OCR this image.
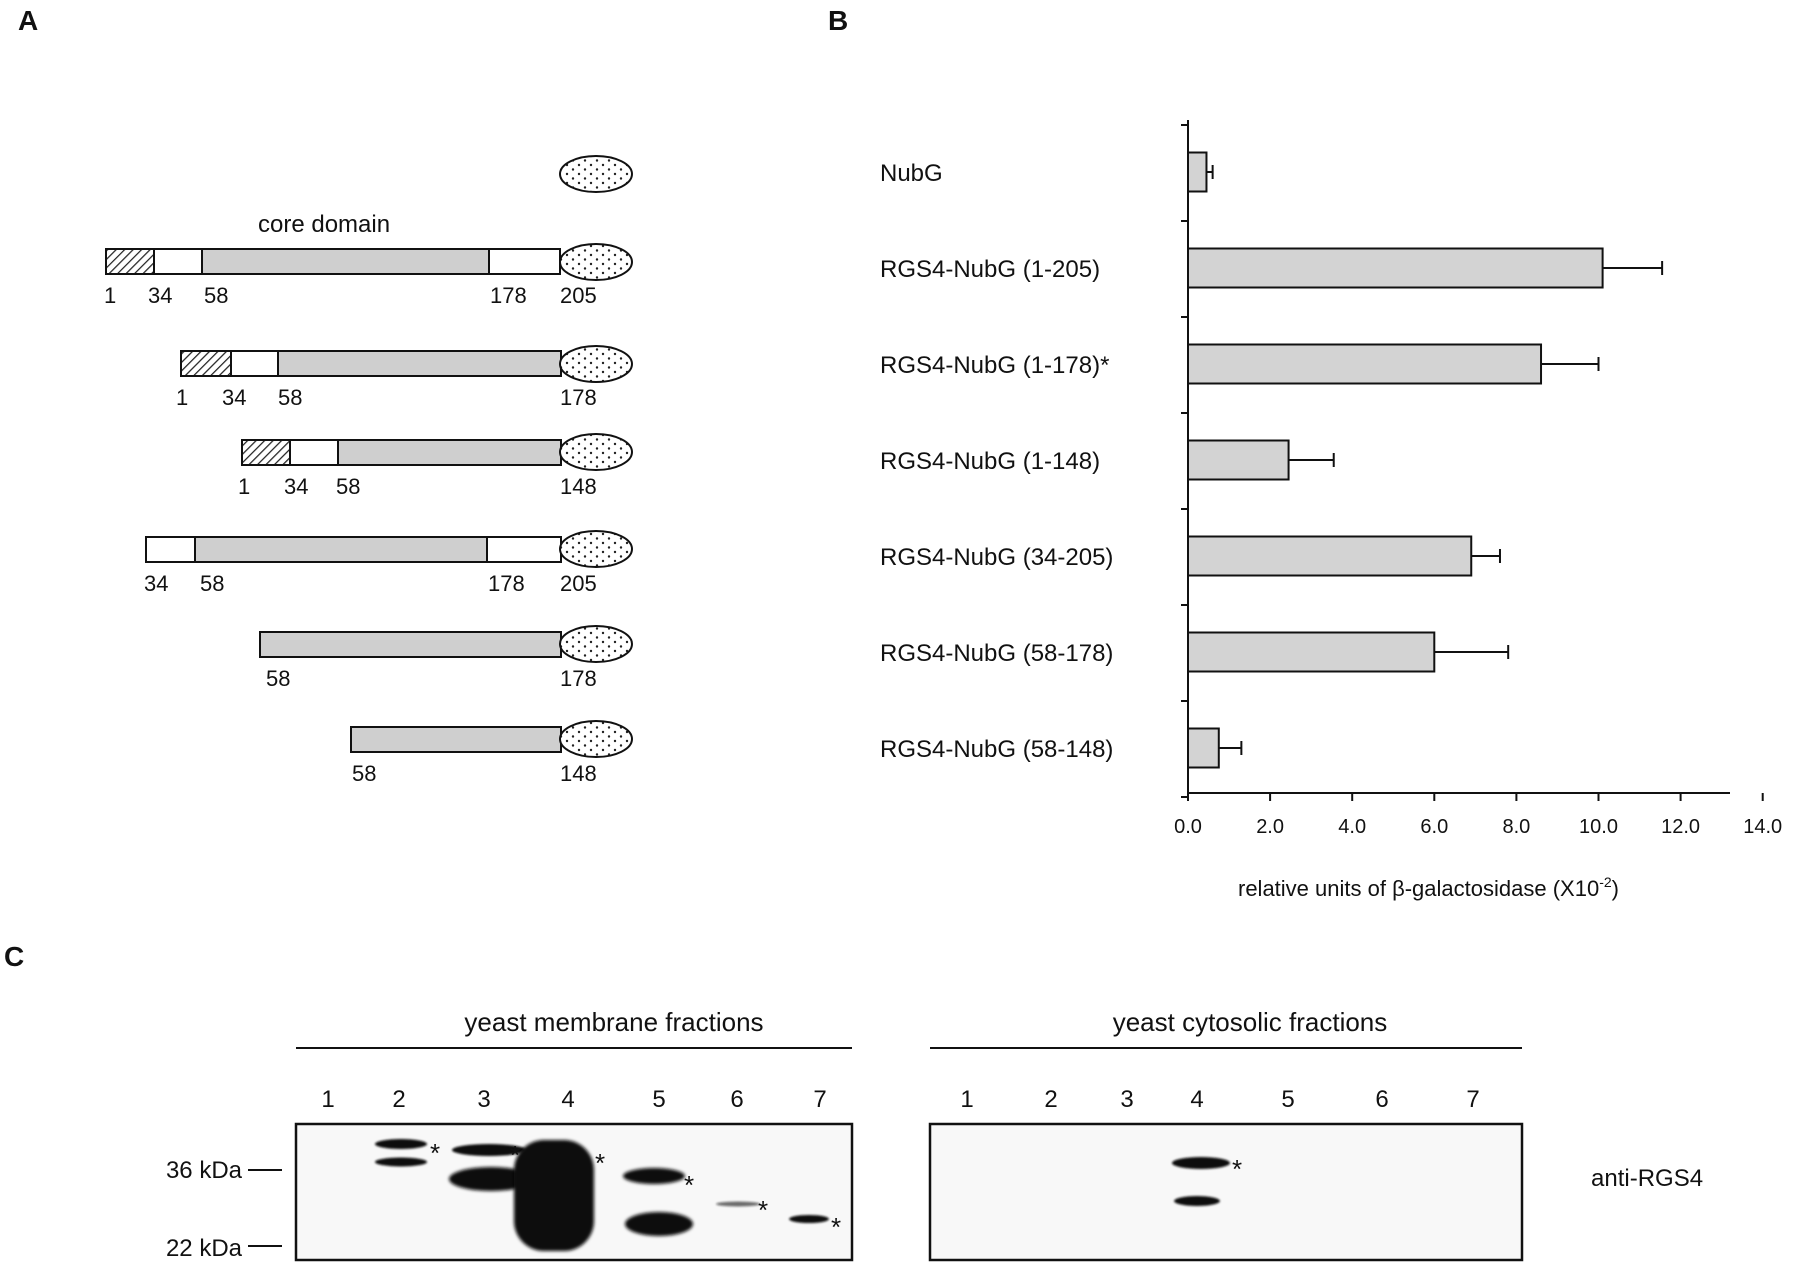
A	B
C
core domain
1 34 58	178 205
1 34 58	178
1 34 58	148
34 58	178 205
58	178
58	148
NubG
RGS4-NubG (1-205)
RGS4-NubG (1-178)*
RGS4-NubG (1-148)
RGS4-NubG (34-205)
RGS4-NubG (58-178)
RGS4-NubG (58-148)
0.0	2.0	4.0	6.0	8.0 10.0 12.0 14.0
relative units of β-galactosidase $(X10^{-2})$
yeast membrane fractions	yeast cytosolic fractions
1 2	3	4	5	6	7	1	2	3 4	5	6	7
36 kDa
22 kDa
*	*	*
*
*
*
*	anti-RGS4
